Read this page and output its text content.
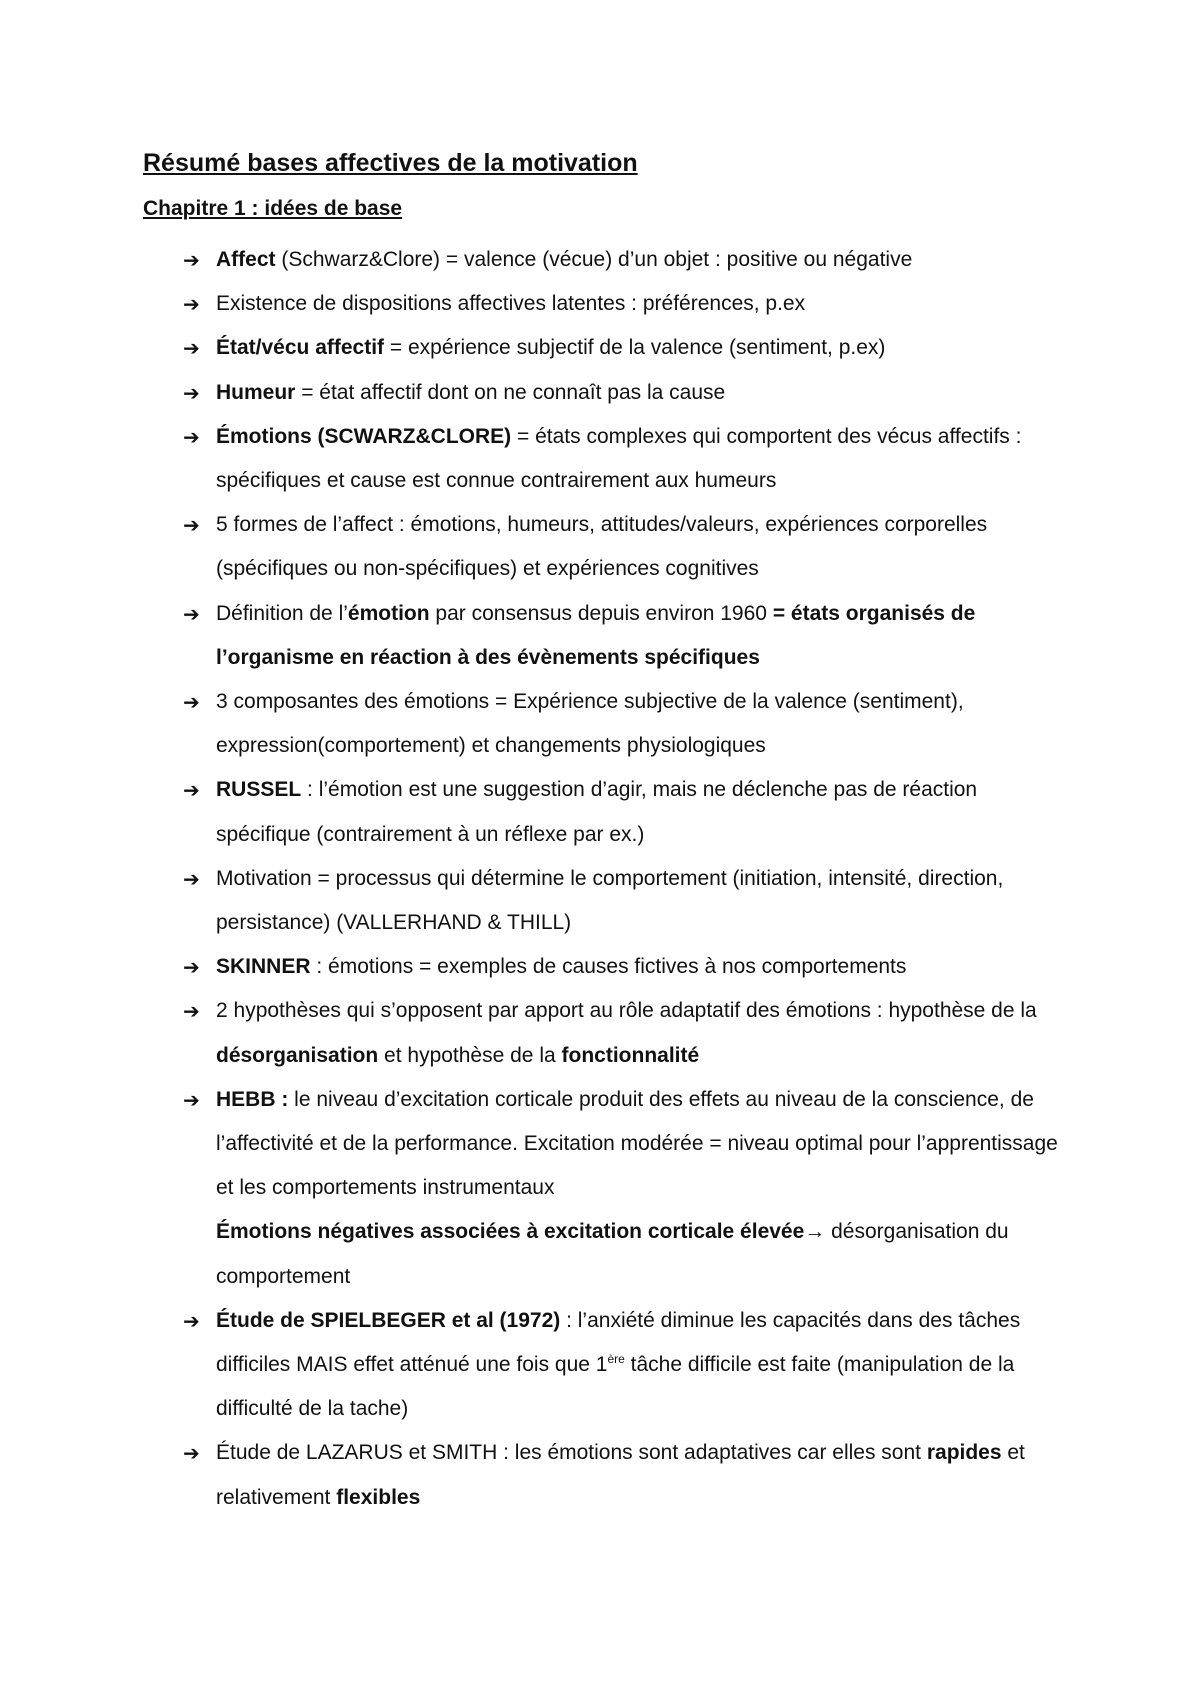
Résumé bases affectives de la motivation
Chapitre 1 : idées de base
➔ Affect (Schwarz&Clore) = valence (vécue) d’un objet : positive ou négative
➔ Existence de dispositions affectives latentes : préférences, p.ex
➔ État/vécu affectif = expérience subjectif de la valence (sentiment, p.ex)
➔ Humeur = état affectif dont on ne connaît pas la cause
➔ Émotions (SCWARZ&CLORE) = états complexes qui comportent des vécus affectifs : spécifiques et cause est connue contrairement aux humeurs
➔ 5 formes de l’affect : émotions, humeurs, attitudes/valeurs, expériences corporelles (spécifiques ou non-spécifiques) et expériences cognitives
➔ Définition de l’émotion par consensus depuis environ 1960 = états organisés de l’organisme en réaction à des évènements spécifiques
➔ 3 composantes des émotions = Expérience subjective de la valence (sentiment), expression(comportement) et changements physiologiques
➔ RUSSEL : l’émotion est une suggestion d’agir, mais ne déclenche pas de réaction spécifique (contrairement à un réflexe par ex.)
➔ Motivation = processus qui détermine le comportement (initiation, intensité, direction, persistance) (VALLERHAND & THILL)
➔ SKINNER : émotions = exemples de causes fictives à nos comportements
➔ 2 hypothèses qui s’opposent par apport au rôle adaptatif des émotions : hypothèse de la désorganisation et hypothèse de la fonctionnalité
➔ HEBB : le niveau d’excitation corticale produit des effets au niveau de la conscience, de l’affectivité et de la performance. Excitation modérée = niveau optimal pour l’apprentissage et les comportements instrumentaux
Émotions négatives associées à excitation corticale élevée→ désorganisation du comportement
➔ Étude de SPIELBEGER et al (1972) : l’anxiété diminue les capacités dans des tâches difficiles MAIS effet atténué une fois que 1ère tâche difficile est faite (manipulation de la difficulté de la tache)
➔ Étude de LAZARUS et SMITH : les émotions sont adaptatives car elles sont rapides et relativement flexibles
